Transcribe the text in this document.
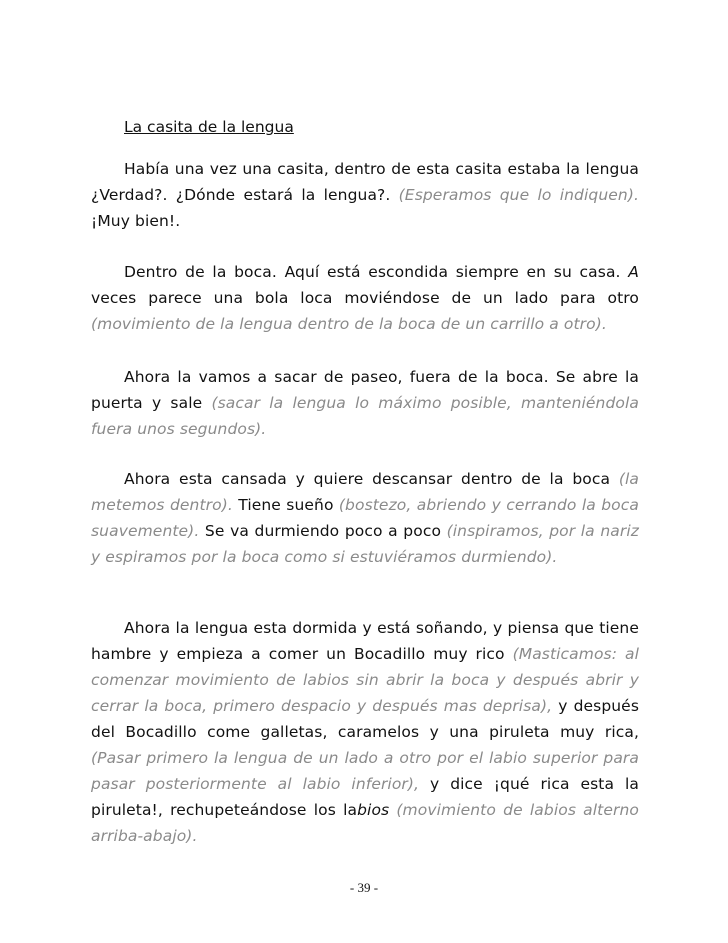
La casita de la lengua

Había una vez una casita, dentro de esta casita estaba la lengua ¿Verdad?. ¿Dónde estará la lengua?. (Esperamos que lo indiquen). ¡Muy bien!.

Dentro de la boca. Aquí está escondida siempre en su casa. A veces parece una bola loca moviéndose de un lado para otro (movimiento de la lengua dentro de la boca de un carrillo a otro).

Ahora la vamos a sacar de paseo, fuera de la boca. Se abre la puerta y sale (sacar la lengua lo máximo posible, manteniéndola fuera unos segundos).

Ahora esta cansada y quiere descansar dentro de la boca (la metemos dentro). Tiene sueño (bostezo, abriendo y cerrando la boca suavemente). Se va durmiendo poco a poco (inspiramos, por la nariz y espiramos por la boca como si estuviéramos durmiendo).

Ahora la lengua esta dormida y está soñando, y piensa que tiene hambre y empieza a comer un Bocadillo muy rico (Masticamos: al comenzar movimiento de labios sin abrir la boca y después abrir y cerrar la boca, primero despacio y después mas deprisa), y después del Bocadillo come galletas, caramelos y una piruleta muy rica, (Pasar primero la lengua de un lado a otro por el labio superior para pasar posteriormente al labio inferior), y dice ¡qué rica esta la piruleta!, rechupeteándose los labios (movimiento de labios alterno arriba-abajo).

- 39 -
